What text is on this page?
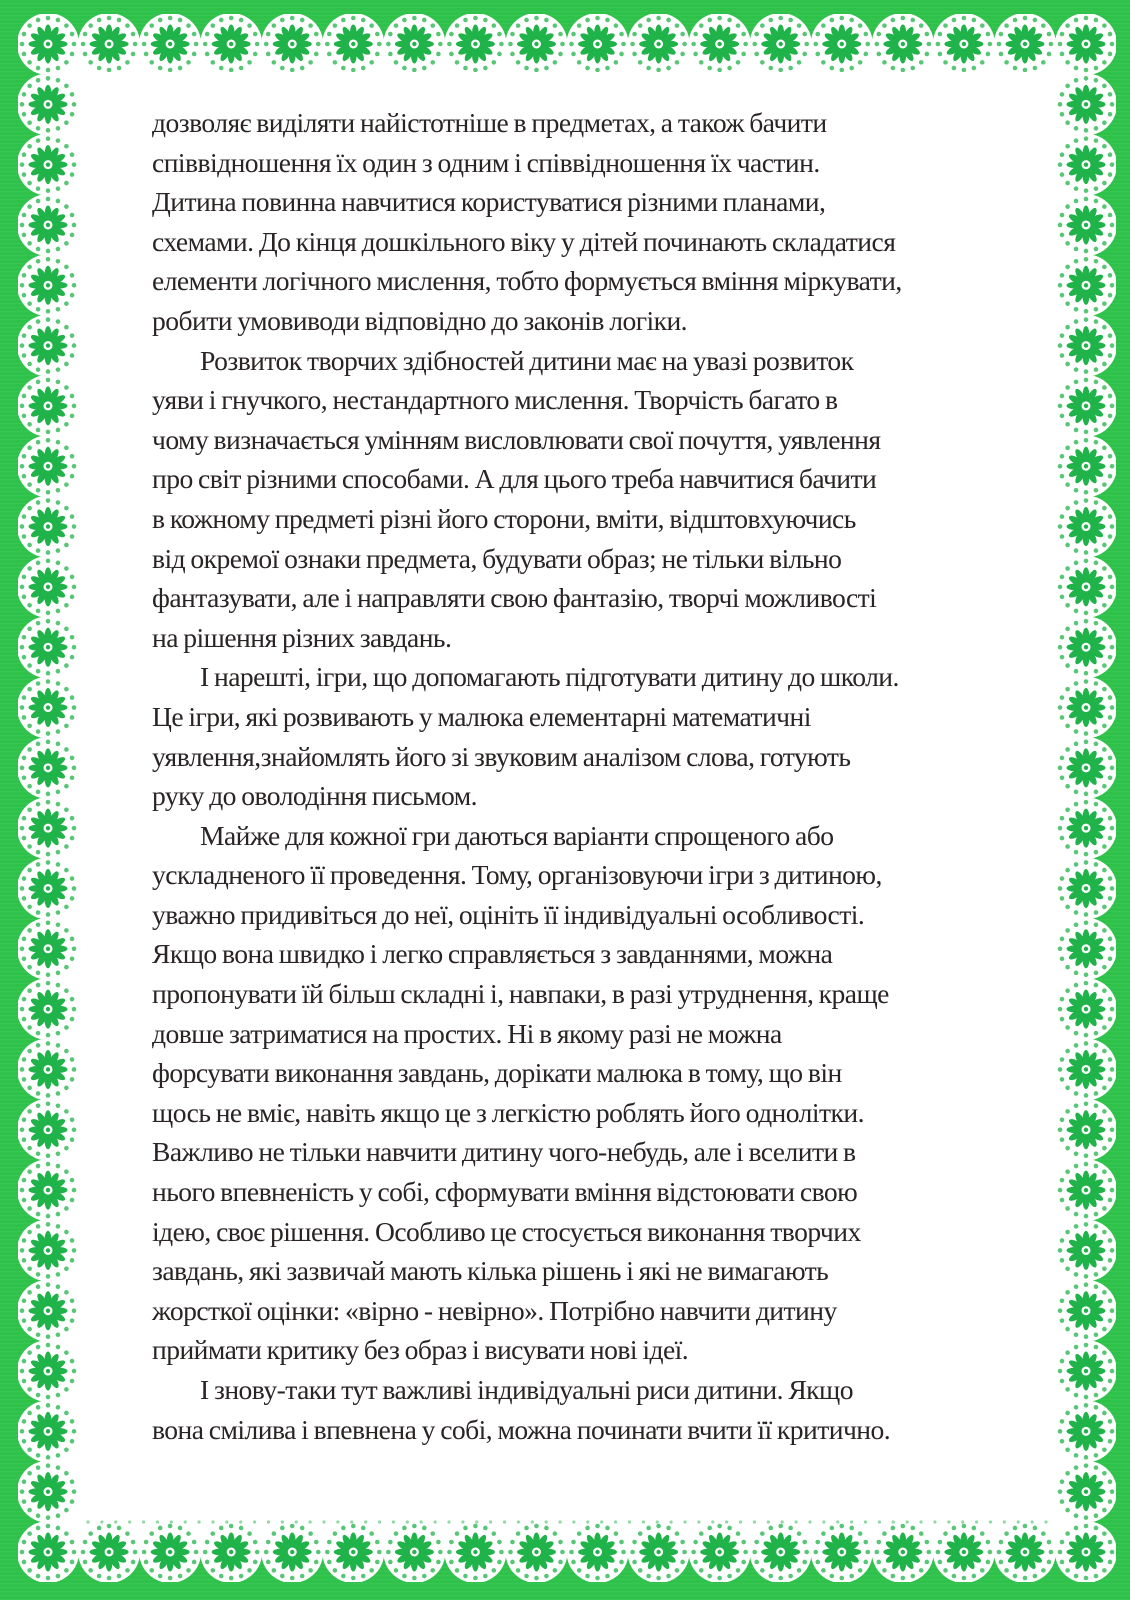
дозволяє виділяти найістотніше в предметах, а також бачити
співвідношення їх один з одним і співвідношення їх частин.
Дитина повинна навчитися користуватися різними планами,
схемами. До кінця дошкільного віку у дітей починають складатися
елементи логічного мислення, тобто формується вміння міркувати,
робити умовиводи відповідно до законів логіки.
Розвиток творчих здібностей дитини має на увазі розвиток
уяви і гнучкого, нестандартного мислення. Творчість багато в
чому визначається умінням висловлювати свої почуття, уявлення
про світ різними способами. А для цього треба навчитися бачити
в кожному предметі різні його сторони, вміти, відштовхуючись
від окремої ознаки предмета, будувати образ; не тільки вільно
фантазувати, але і направляти свою фантазію, творчі можливості
на рішення різних завдань.
І нарешті, ігри, що допомагають підготувати дитину до школи.
Це ігри, які розвивають у малюка елементарні математичні
уявлення,знайомлять його зі звуковим аналізом слова, готують
руку до оволодіння письмом.
Майже для кожної гри даються варіанти спрощеного або
ускладненого її проведення. Тому, організовуючи ігри з дитиною,
уважно придивіться до неї, оцініть її індивідуальні особливості.
Якщо вона швидко і легко справляється з завданнями, можна
пропонувати їй більш складні і, навпаки, в разі утруднення, краще
довше затриматися на простих. Ні в якому разі не можна
форсувати виконання завдань, дорікати малюка в тому, що він
щось не вміє, навіть якщо це з легкістю роблять його однолітки.
Важливо не тільки навчити дитину чого-небудь, але і вселити в
нього впевненість у собі, сформувати вміння відстоювати свою
ідею, своє рішення. Особливо це стосується виконання творчих
завдань, які зазвичай мають кілька рішень і які не вимагають
жорсткої оцінки: «вірно - невірно». Потрібно навчити дитину
приймати критику без образ і висувати нові ідеї.
І знову-таки тут важливі індивідуальні риси дитини. Якщо
вона смілива і впевнена у собі, можна починати вчити її критично.
